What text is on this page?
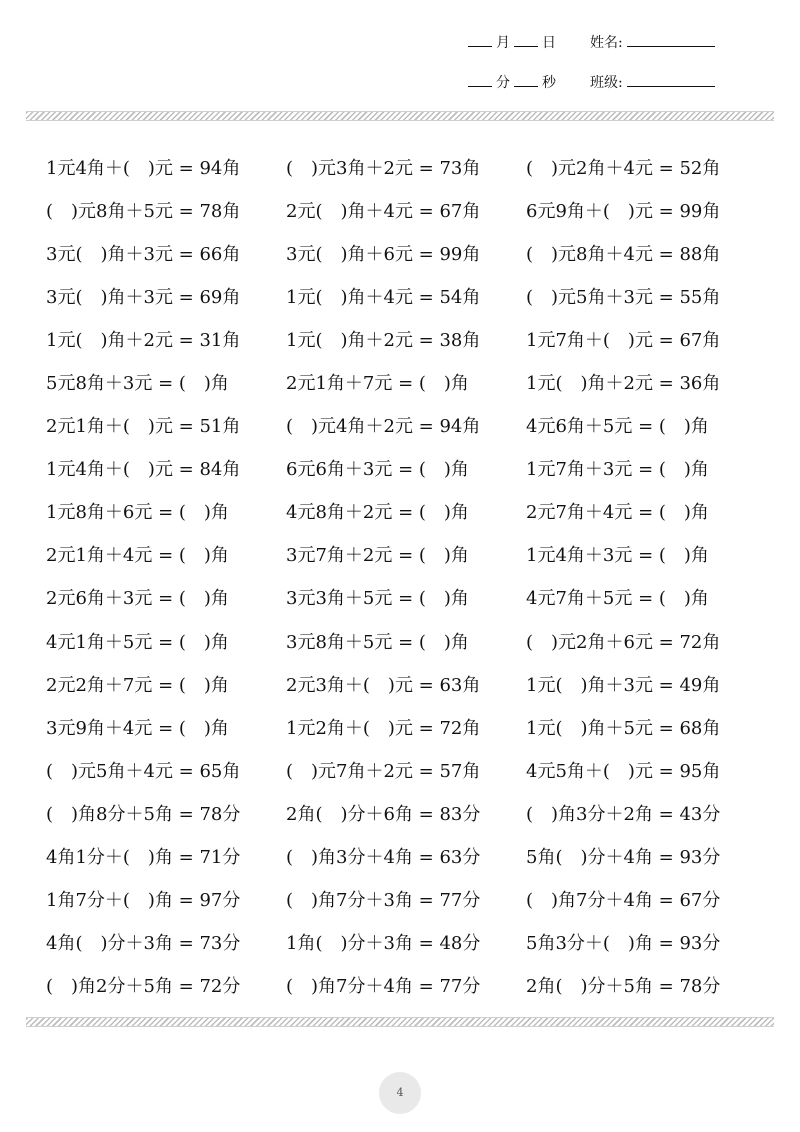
月 日 姓名:
分 秒 班级:
1元4角＋(　)元 = 94角	(　)元3角＋2元 = 73角	(　)元2角＋4元 = 52角
(　)元8角＋5元 = 78角	2元(　)角＋4元 = 67角	6元9角＋(　)元 = 99角
3元(　)角＋3元 = 66角	3元(　)角＋6元 = 99角	(　)元8角＋4元 = 88角
3元(　)角＋3元 = 69角	1元(　)角＋4元 = 54角	(　)元5角＋3元 = 55角
1元(　)角＋2元 = 31角	1元(　)角＋2元 = 38角	1元7角＋(　)元 = 67角
5元8角＋3元 = (　)角	2元1角＋7元 = (　)角	1元(　)角＋2元 = 36角
2元1角＋(　)元 = 51角	(　)元4角＋2元 = 94角	4元6角＋5元 = (　)角
1元4角＋(　)元 = 84角	6元6角＋3元 = (　)角	1元7角＋3元 = (　)角
1元8角＋6元 = (　)角	4元8角＋2元 = (　)角	2元7角＋4元 = (　)角
2元1角＋4元 = (　)角	3元7角＋2元 = (　)角	1元4角＋3元 = (　)角
2元6角＋3元 = (　)角	3元3角＋5元 = (　)角	4元7角＋5元 = (　)角
4元1角＋5元 = (　)角	3元8角＋5元 = (　)角	(　)元2角＋6元 = 72角
2元2角＋7元 = (　)角	2元3角＋(　)元 = 63角	1元(　)角＋3元 = 49角
3元9角＋4元 = (　)角	1元2角＋(　)元 = 72角	1元(　)角＋5元 = 68角
(　)元5角＋4元 = 65角	(　)元7角＋2元 = 57角	4元5角＋(　)元 = 95角
(　)角8分＋5角 = 78分	2角(　)分＋6角 = 83分	(　)角3分＋2角 = 43分
4角1分＋(　)角 = 71分	(　)角3分＋4角 = 63分	5角(　)分＋4角 = 93分
1角7分＋(　)角 = 97分	(　)角7分＋3角 = 77分	(　)角7分＋4角 = 67分
4角(　)分＋3角 = 73分	1角(　)分＋3角 = 48分	5角3分＋(　)角 = 93分
(　)角2分＋5角 = 72分	(　)角7分＋4角 = 77分	2角(　)分＋5角 = 78分
4
